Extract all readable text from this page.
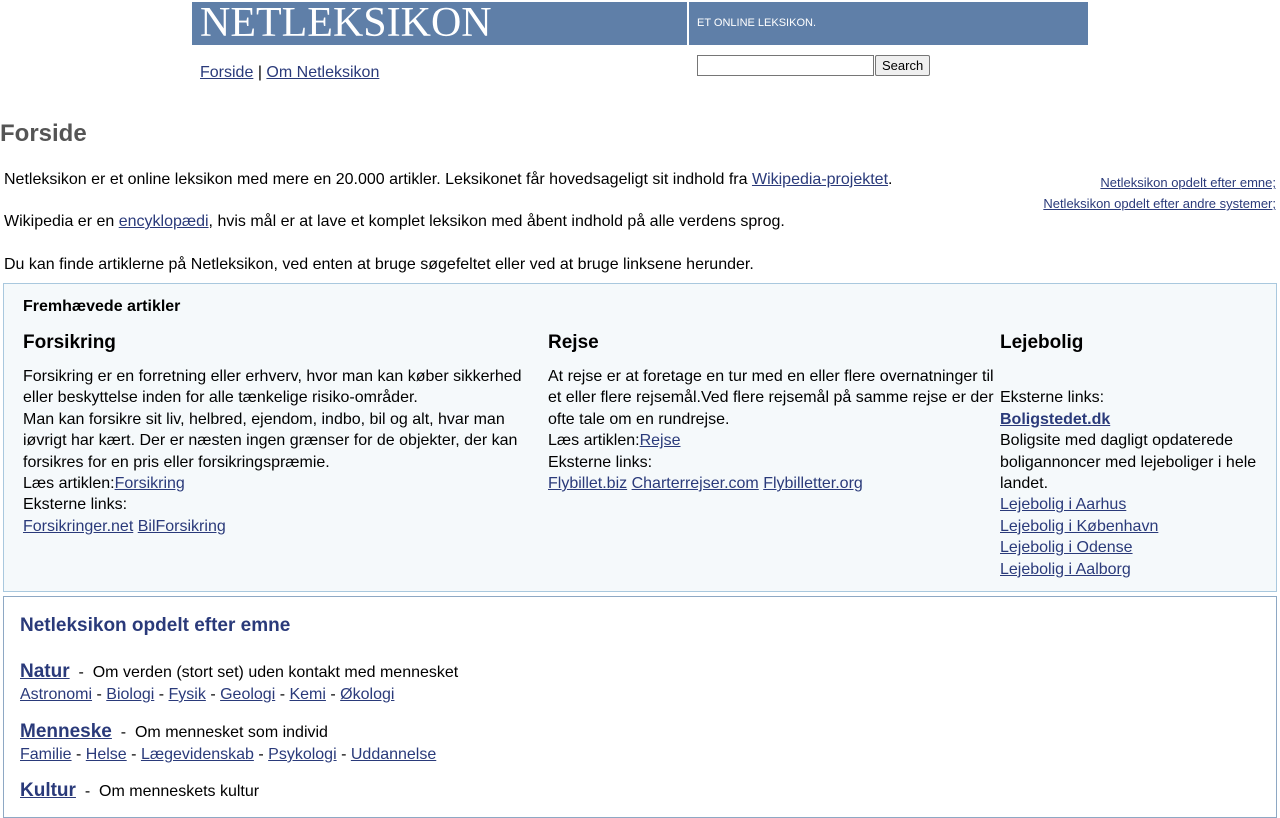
NETLEKSIKON	ET ONLINE LEKSIKON.
Forside | Om Netleksikon	Search
Forside

Netleksikon er et online leksikon med mere en 20.000 artikler. Leksikonet får hovedsageligt sit indhold fra Wikipedia-projektet.

Wikipedia er en encyklopædi, hvis mål er at lave et komplet leksikon med åbent indhold på alle verdens sprog.

Du kan finde artiklerne på Netleksikon, ved enten at bruge søgefeltet eller ved at bruge linksene herunder.

Netleksikon opdelt efter emne;
Netleksikon opdelt efter andre systemer;
Fremhævede artikler
Forsikring

Forsikring er en forretning eller erhverv, hvor man kan køber sikkerhed eller beskyttelse inden for alle tænkelige risiko-områder.

Man kan forsikre sit liv, helbred, ejendom, indbo, bil og alt, hvar man iøvrigt har kært. Der er næsten ingen grænser for de objekter, der kan forsikres for en pris eller forsikringspræmie.

Læs artiklen:Forsikring

Eksterne links:

Forsikringer.net BilForsikring

Rejse

At rejse er at foretage en tur med en eller flere overnatninger til et eller flere rejsemål.Ved flere rejsemål på samme rejse er der ofte tale om en rundrejse.

Læs artiklen:Rejse

Eksterne links:

Flybillet.biz Charterrejser.com Flybilletter.org

Lejebolig

Eksterne links:

Boligstedet.dk

Boligsite med dagligt opdaterede boligannoncer med lejeboliger i hele landet.

Lejebolig i Aarhus

Lejebolig i København

Lejebolig i Odense

Lejebolig i Aalborg

Netleksikon opdelt efter emne
Natur - Om verden (stort set) uden kontakt med mennesket
Astronomi - Biologi - Fysik - Geologi - Kemi - Økologi
Menneske - Om mennesket som individ
Familie - Helse - Lægevidenskab - Psykologi - Uddannelse
Kultur - Om menneskets kultur
